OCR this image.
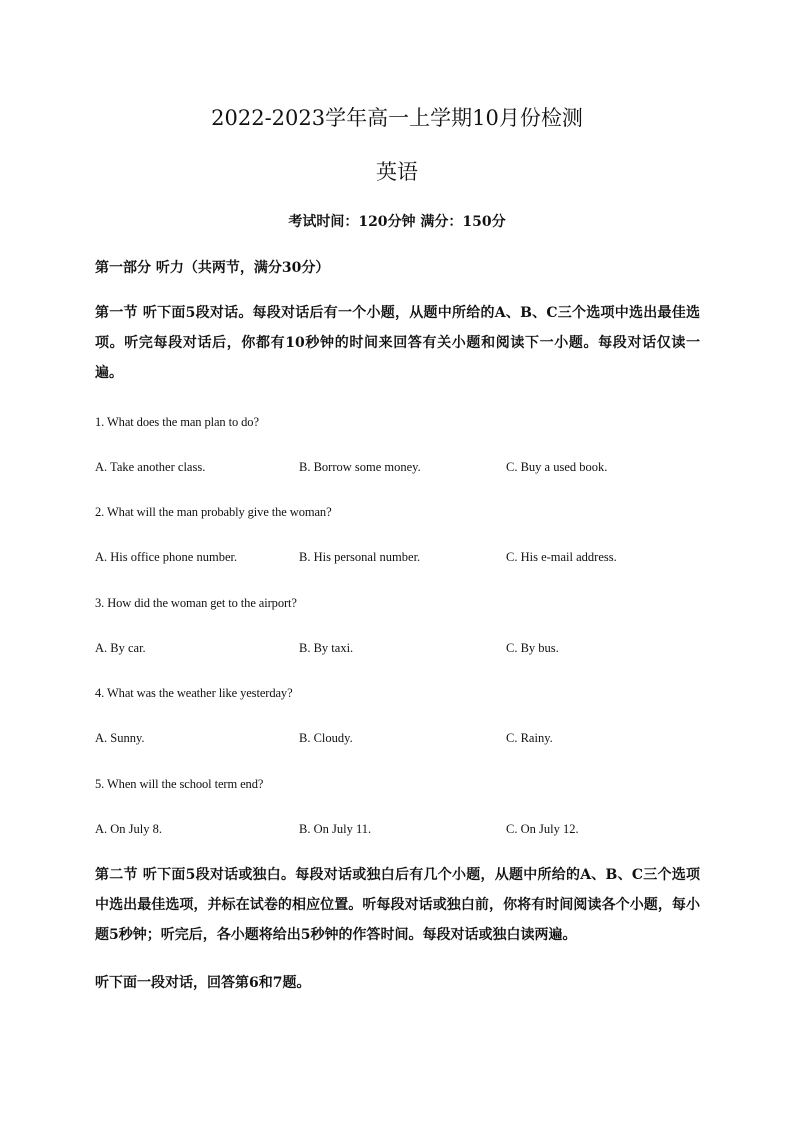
2022-2023学年高一上学期10月份检测
英语
考试时间：120分钟 满分：150分
第一部分 听力（共两节，满分30分）
第一节 听下面5段对话。每段对话后有一个小题，从题中所给的A、B、C三个选项中选出最佳选项。听完每段对话后，你都有10秒钟的时间来回答有关小题和阅读下一小题。每段对话仅读一遍。
1. What does the man plan to do?
A. Take another class.	B. Borrow some money.	C. Buy a used book.
2. What will the man probably give the woman?
A. His office phone number.	B. His personal number.	C. His e-mail address.
3. How did the woman get to the airport?
A. By car.	B. By taxi.	C. By bus.
4. What was the weather like yesterday?
A. Sunny.	B. Cloudy.	C. Rainy.
5. When will the school term end?
A. On July 8.	B. On July 11.	C. On July 12.
第二节 听下面5段对话或独白。每段对话或独白后有几个小题，从题中所给的A、B、C三个选项中选出最佳选项，并标在试卷的相应位置。听每段对话或独白前，你将有时间阅读各个小题，每小题5秒钟；听完后，各小题将给出5秒钟的作答时间。每段对话或独白读两遍。
听下面一段对话，回答第6和7题。
